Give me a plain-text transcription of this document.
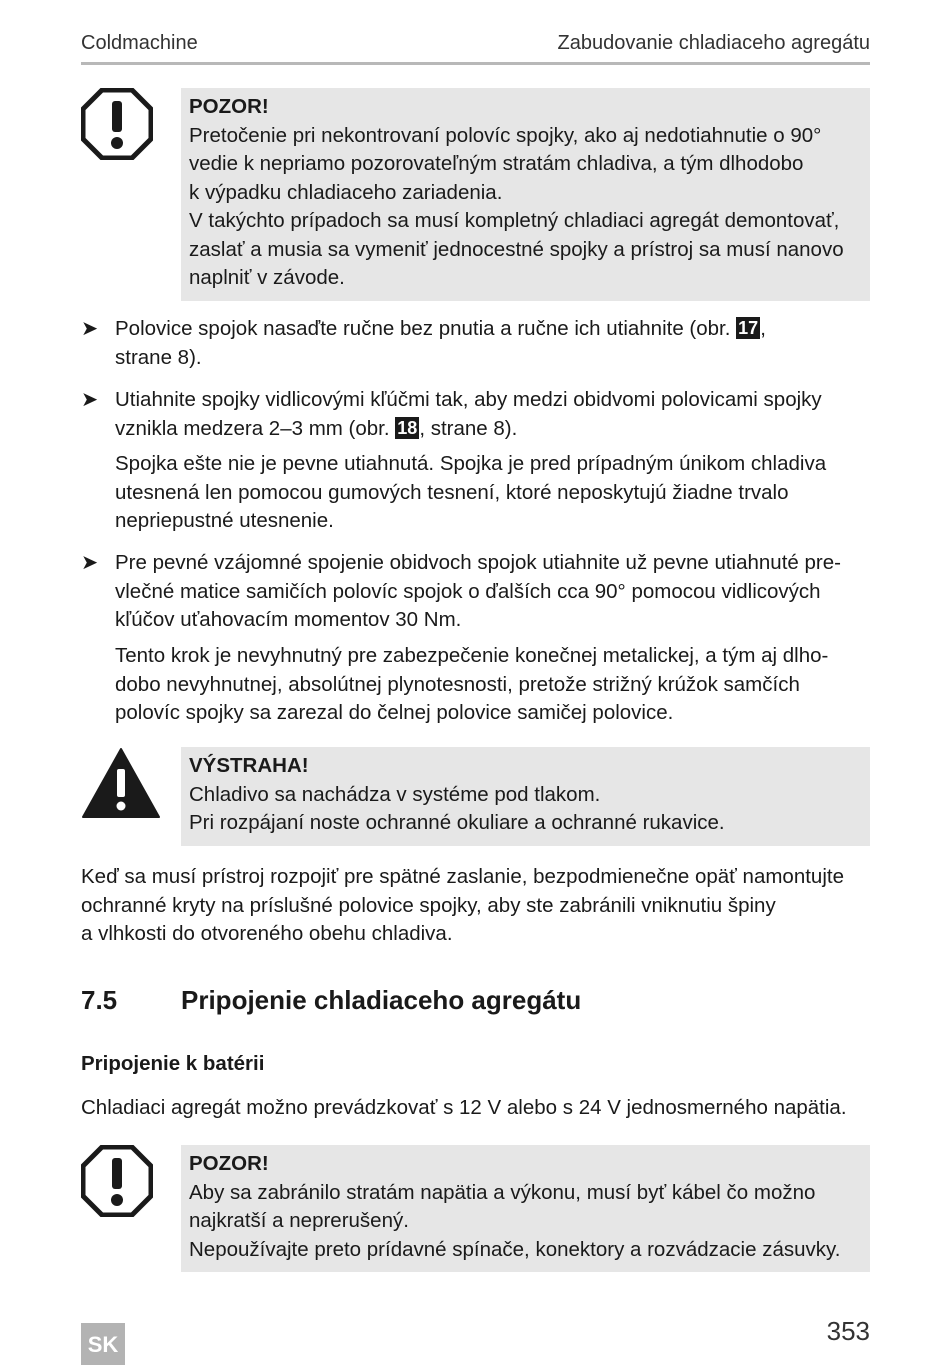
Coldmachine	Zabudovanie chladiaceho agregátu
POZOR!
Pretočenie pri nekontrovaní polovíc spojky, ako aj nedotiahnutie o 90°
vedie k nepriamo pozorovateľným stratám chladiva, a tým dlhodobo
k výpadku chladiaceho zariadenia.
V takýchto prípadoch sa musí kompletný chladiaci agregát demontovať,
zaslať a musia sa vymeniť jednocestné spojky a prístroj sa musí nanovo
naplniť v závode.
➤ Polovice spojok nasaďte ručne bez pnutia a ručne ich utiahnite (obr. 17,
strane 8).
➤ Utiahnite spojky vidlicovými kľúčmi tak, aby medzi obidvomi polovicami spojky
vznikla medzera 2–3 mm (obr. 18, strane 8).
Spojka ešte nie je pevne utiahnutá. Spojka je pred prípadným únikom chladiva
utesnená len pomocou gumových tesnení, ktoré neposkytujú žiadne trvalo
nepriepustné utesnenie.
➤ Pre pevné vzájomné spojenie obidvoch spojok utiahnite už pevne utiahnuté pre-
vlečné matice samičích polovíc spojok o ďalších cca 90° pomocou vidlicových
kľúčov uťahovacím momentov 30 Nm.
Tento krok je nevyhnutný pre zabezpečenie konečnej metalickej, a tým aj dlho-
dobo nevyhnutnej, absolútnej plynotesnosti, pretože strižný krúžok samčích
polovíc spojky sa zarezal do čelnej polovice samičej polovice.
VÝSTRAHA!
Chladivo sa nachádza v systéme pod tlakom.
Pri rozpájaní noste ochranné okuliare a ochranné rukavice.
Keď sa musí prístroj rozpojiť pre spätné zaslanie, bezpodmienečne opäť namontujte
ochranné kryty na príslušné polovice spojky, aby ste zabránili vniknutiu špiny
a vlhkosti do otvoreného obehu chladiva.
7.5 Pripojenie chladiaceho agregátu
Pripojenie k batérii
Chladiaci agregát možno prevádzkovať s 12 V alebo s 24 V jednosmerného napätia.
POZOR!
Aby sa zabránilo stratám napätia a výkonu, musí byť kábel čo možno
najkratší a neprerušený.
Nepoužívajte preto prídavné spínače, konektory a rozvádzacie zásuvky.
SK	353
